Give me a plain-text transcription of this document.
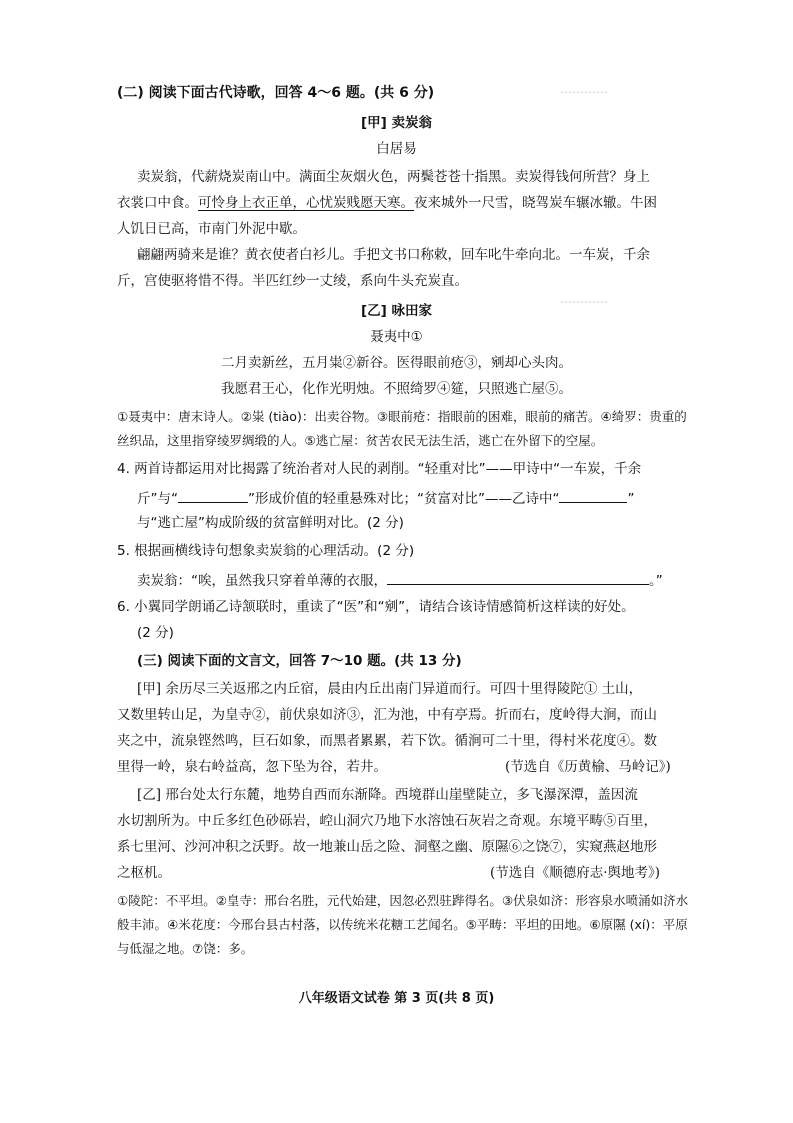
…………
…………
(二) 阅读下面古代诗歌，回答 4～6 题。(共 6 分)
[甲] 卖炭翁
白居易
卖炭翁，代薪烧炭南山中。满面尘灰烟火色，两鬓苍苍十指黑。卖炭得钱何所营？身上
衣裳口中食。可怜身上衣正单，心忧炭贱愿天寒。夜来城外一尺雪，晓驾炭车辗冰辙。牛困
人饥日已高，市南门外泥中歇。
翩翩两骑来是谁？黄衣使者白衫儿。手把文书口称敕，回车叱牛牵向北。一车炭，千余
斤，宫使驱将惜不得。半匹红纱一丈绫，系向牛头充炭直。
[乙] 咏田家
聂夷中①
二月卖新丝，五月粜②新谷。医得眼前疮③，剜却心头肉。
我愿君王心，化作光明烛。不照绮罗④筵，只照逃亡屋⑤。
①聂夷中：唐末诗人。②粜 (tiào)：出卖谷物。③眼前疮：指眼前的困难，眼前的痛苦。④绮罗：贵重的
丝织品，这里指穿绫罗绸缎的人。⑤逃亡屋：贫苦农民无法生活，逃亡在外留下的空屋。
4. 两首诗都运用对比揭露了统治者对人民的剥削。“轻重对比”——甲诗中“一车炭，千余
斤”与“	”形成价值的轻重悬殊对比；“贫富对比”——乙诗中“	”
与“逃亡屋”构成阶级的贫富鲜明对比。(2 分)
5. 根据画横线诗句想象卖炭翁的心理活动。(2 分)
卖炭翁：“唉，虽然我只穿着单薄的衣服，	。”
6. 小翼同学朗诵乙诗颔联时，重读了“医”和“剜”，请结合该诗情感简析这样读的好处。
(2 分)
(三) 阅读下面的文言文，回答 7～10 题。(共 13 分)
[甲] 余历尽三关返邢之内丘宿，晨由内丘出南门异道而行。可四十里得陵陀① 土山，
又数里转山足，为皇寺②，前伏泉如济③，汇为池，中有亭焉。折而右，度岭得大涧，而山
夹之中，流泉铿然鸣，巨石如象，而黑者累累，若下饮。循涧可二十里，得村米花度④。数
里得一岭，泉右岭益高，忽下坠为谷，若井。	(节选自《历黄榆、马岭记》)
[乙] 邢台处太行东麓，地势自西而东渐降。西境群山崖壁陡立，多飞瀑深潭，盖因流
水切割所为。中丘多红色砂砾岩，崆山洞穴乃地下水溶蚀石灰岩之奇观。东境平畴⑤百里，
系七里河、沙河冲积之沃野。故一地兼山岳之险、洞壑之幽、原隰⑥之饶⑦，实窥燕赵地形
之枢机。	(节选自《顺德府志·舆地考》)
①陵陀：不平坦。②皇寺：邢台名胜，元代始建，因忽必烈驻跸得名。③伏泉如济：形容泉水喷涌如济水
般丰沛。④米花度：今邢台县古村落，以传统米花糖工艺闻名。⑤平畴：平坦的田地。⑥原隰 (xí)：平原
与低湿之地。⑦饶：多。
八年级语文试卷 第 3 页(共 8 页)
